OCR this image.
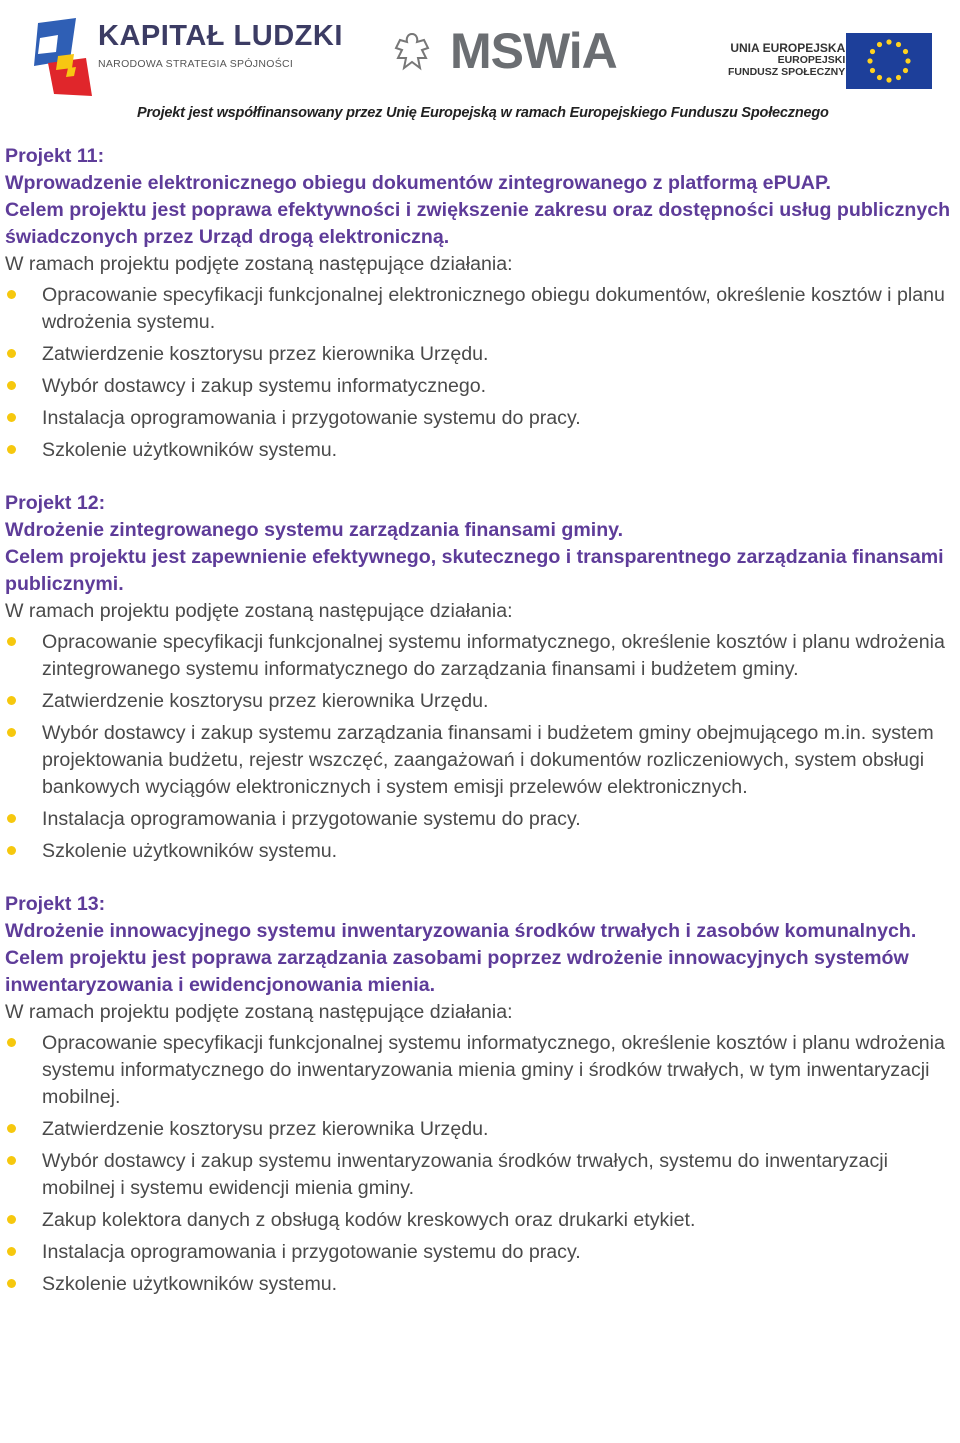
KAPITAŁ LUDZKI
NARODOWA STRATEGIA SPÓJNOŚCI	MSWiA	UNIA EUROPEJSKA
EUROPEJSKI
FUNDUSZ SPOŁECZNY
Projekt jest współfinansowany przez Unię Europejską w ramach Europejskiego Funduszu Społecznego

Projekt 11:

Wprowadzenie elektronicznego obiegu dokumentów zintegrowanego z platformą ePUAP.

Celem projektu jest poprawa efektywności i zwiększenie zakresu oraz dostępności usług publicznych świadczonych przez Urząd drogą elektroniczną.

W ramach projektu podjęte zostaną następujące działania:

Opracowanie specyfikacji funkcjonalnej elektronicznego obiegu dokumentów, określenie kosztów i planu wdrożenia systemu.
Zatwierdzenie kosztorysu przez kierownika Urzędu.
Wybór dostawcy i zakup systemu informatycznego.
Instalacja oprogramowania i przygotowanie systemu do pracy.
Szkolenie użytkowników systemu.

Projekt 12:

Wdrożenie zintegrowanego systemu zarządzania finansami gminy.

Celem projektu jest zapewnienie efektywnego, skutecznego i transparentnego zarządzania finansami publicznymi.

W ramach projektu podjęte zostaną następujące działania:

Opracowanie specyfikacji funkcjonalnej systemu informatycznego, określenie kosztów i planu wdrożenia zintegrowanego systemu informatycznego do zarządzania finansami i budżetem gminy.
Zatwierdzenie kosztorysu przez kierownika Urzędu.
Wybór dostawcy i zakup systemu zarządzania finansami i budżetem gminy obejmującego m.in. system projektowania budżetu, rejestr wszczęć, zaangażowań i dokumentów rozliczeniowych, system obsługi bankowych wyciągów elektronicznych i system emisji przelewów elektronicznych.
Instalacja oprogramowania i przygotowanie systemu do pracy.
Szkolenie użytkowników systemu.

Projekt 13:

Wdrożenie innowacyjnego systemu inwentaryzowania środków trwałych i zasobów komunalnych.

Celem projektu jest poprawa zarządzania zasobami poprzez wdrożenie innowacyjnych systemów inwentaryzowania i ewidencjonowania mienia.

W ramach projektu podjęte zostaną następujące działania:

Opracowanie specyfikacji funkcjonalnej systemu informatycznego, określenie kosztów i planu wdrożenia systemu informatycznego do inwentaryzowania mienia gminy i środków trwałych, w tym inwentaryzacji mobilnej.
Zatwierdzenie kosztorysu przez kierownika Urzędu.
Wybór dostawcy i zakup systemu inwentaryzowania środków trwałych, systemu do inwentaryzacji mobilnej i systemu ewidencji mienia gminy.
Zakup kolektora danych z obsługą kodów kreskowych oraz drukarki etykiet.
Instalacja oprogramowania i przygotowanie systemu do pracy.
Szkolenie użytkowników systemu.
